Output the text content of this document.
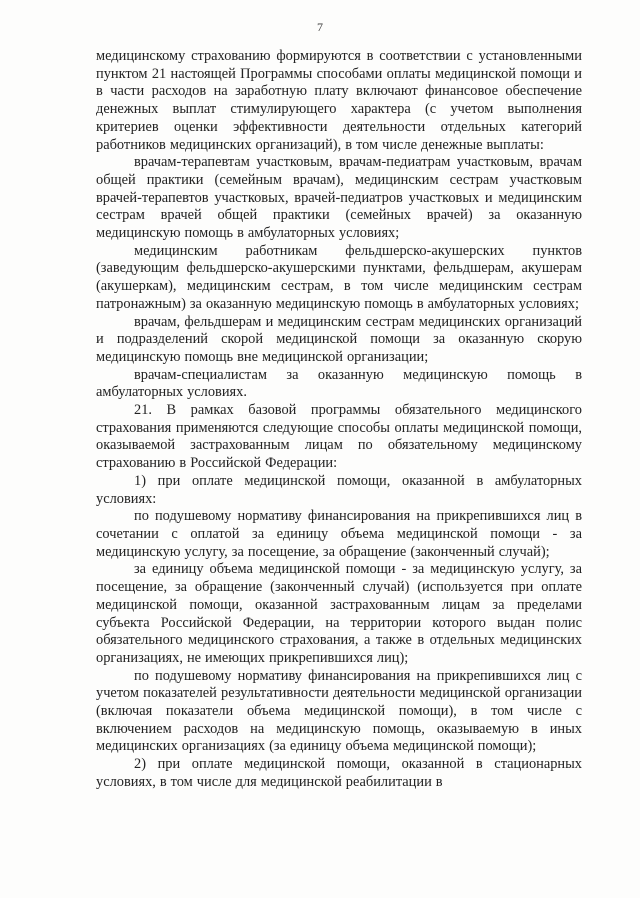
7

медицинскому страхованию формируются в соответствии с установленными пунктом 21 настоящей Программы способами оплаты медицинской помощи и в части расходов на заработную плату включают финансовое обеспечение денежных выплат стимулирующего характера (с учетом выполнения критериев оценки эффективности деятельности отдельных категорий работников медицинских организаций), в том числе денежные выплаты:

врачам-терапевтам участковым, врачам-педиатрам участковым, врачам общей практики (семейным врачам), медицинским сестрам участковым врачей-терапевтов участковых, врачей-педиатров участковых и медицинским сестрам врачей общей практики (семейных врачей) за оказанную медицинскую помощь в амбулаторных условиях;

медицинским работникам фельдшерско-акушерских пунктов (заведующим фельдшерско-акушерскими пунктами, фельдшерам, акушерам (акушеркам), медицинским сестрам, в том числе медицинским сестрам патронажным) за оказанную медицинскую помощь в амбулаторных условиях;

врачам, фельдшерам и медицинским сестрам медицинских организаций и подразделений скорой медицинской помощи за оказанную скорую медицинскую помощь вне медицинской организации;

врачам-специалистам за оказанную медицинскую помощь в амбулаторных условиях.

21. В рамках базовой программы обязательного медицинского страхования применяются следующие способы оплаты медицинской помощи, оказываемой застрахованным лицам по обязательному медицинскому страхованию в Российской Федерации:

1) при оплате медицинской помощи, оказанной в амбулаторных условиях:

по подушевому нормативу финансирования на прикрепившихся лиц в сочетании с оплатой за единицу объема медицинской помощи - за медицинскую услугу, за посещение, за обращение (законченный случай);

за единицу объема медицинской помощи - за медицинскую услугу, за посещение, за обращение (законченный случай) (используется при оплате медицинской помощи, оказанной застрахованным лицам за пределами субъекта Российской Федерации, на территории которого выдан полис обязательного медицинского страхования, а также в отдельных медицинских организациях, не имеющих прикрепившихся лиц);

по подушевому нормативу финансирования на прикрепившихся лиц с учетом показателей результативности деятельности медицинской организации (включая показатели объема медицинской помощи), в том числе с включением расходов на медицинскую помощь, оказываемую в иных медицинских организациях (за единицу объема медицинской помощи);

2) при оплате медицинской помощи, оказанной в стационарных условиях, в том числе для медицинской реабилитации в
